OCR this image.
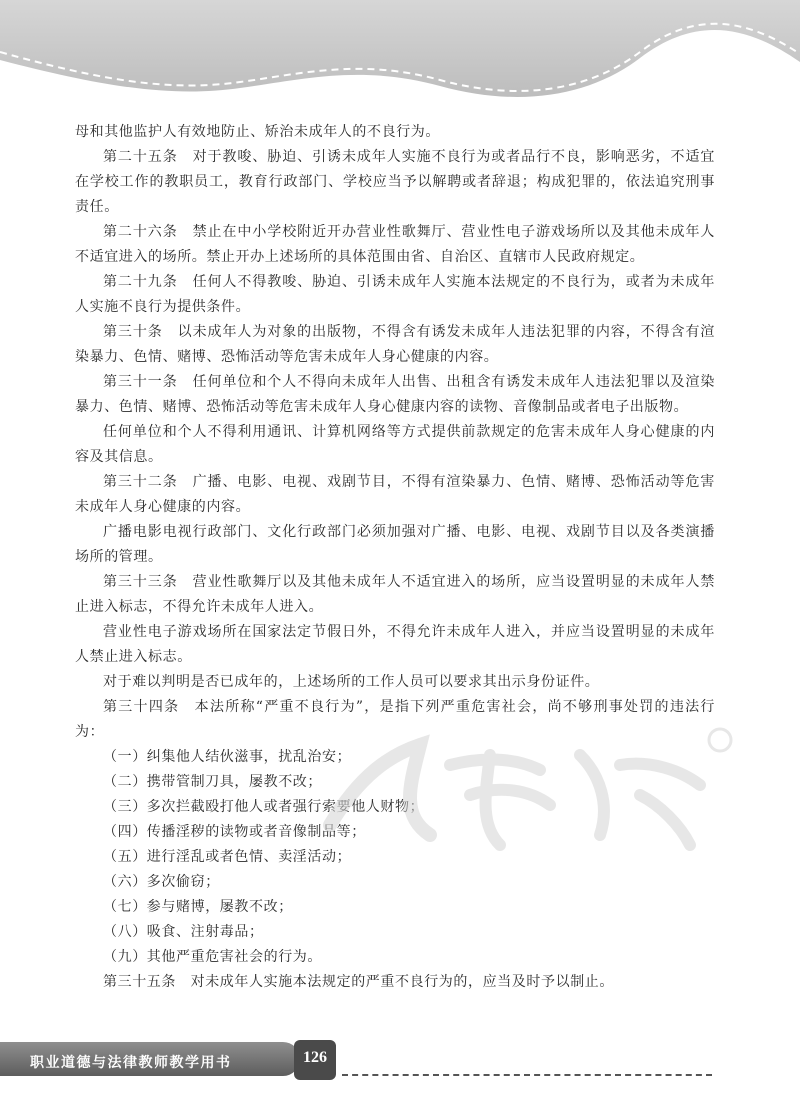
母和其他监护人有效地防止、矫治未成年人的不良行为。

第二十五条　对于教唆、胁迫、引诱未成年人实施不良行为或者品行不良，影响恶劣，不适宜在学校工作的教职员工，教育行政部门、学校应当予以解聘或者辞退；构成犯罪的，依法追究刑事责任。

第二十六条　禁止在中小学校附近开办营业性歌舞厅、营业性电子游戏场所以及其他未成年人不适宜进入的场所。禁止开办上述场所的具体范围由省、自治区、直辖市人民政府规定。

第二十九条　任何人不得教唆、胁迫、引诱未成年人实施本法规定的不良行为，或者为未成年人实施不良行为提供条件。

第三十条　以未成年人为对象的出版物，不得含有诱发未成年人违法犯罪的内容，不得含有渲染暴力、色情、赌博、恐怖活动等危害未成年人身心健康的内容。

第三十一条　任何单位和个人不得向未成年人出售、出租含有诱发未成年人违法犯罪以及渲染暴力、色情、赌博、恐怖活动等危害未成年人身心健康内容的读物、音像制品或者电子出版物。

任何单位和个人不得利用通讯、计算机网络等方式提供前款规定的危害未成年人身心健康的内容及其信息。

第三十二条　广播、电影、电视、戏剧节目，不得有渲染暴力、色情、赌博、恐怖活动等危害未成年人身心健康的内容。

广播电影电视行政部门、文化行政部门必须加强对广播、电影、电视、戏剧节目以及各类演播场所的管理。

第三十三条　营业性歌舞厅以及其他未成年人不适宜进入的场所，应当设置明显的未成年人禁止进入标志，不得允许未成年人进入。

营业性电子游戏场所在国家法定节假日外，不得允许未成年人进入，并应当设置明显的未成年人禁止进入标志。

对于难以判明是否已成年的，上述场所的工作人员可以要求其出示身份证件。

第三十四条　本法所称“严重不良行为”，是指下列严重危害社会，尚不够刑事处罚的违法行为：

（一）纠集他人结伙滋事，扰乱治安；

（二）携带管制刀具，屡教不改；

（三）多次拦截殴打他人或者强行索要他人财物；

（四）传播淫秽的读物或者音像制品等；

（五）进行淫乱或者色情、卖淫活动；

（六）多次偷窃；

（七）参与赌博，屡教不改；

（八）吸食、注射毒品；

（九）其他严重危害社会的行为。

第三十五条　对未成年人实施本法规定的严重不良行为的，应当及时予以制止。

职业道德与法律教师教学用书	126
